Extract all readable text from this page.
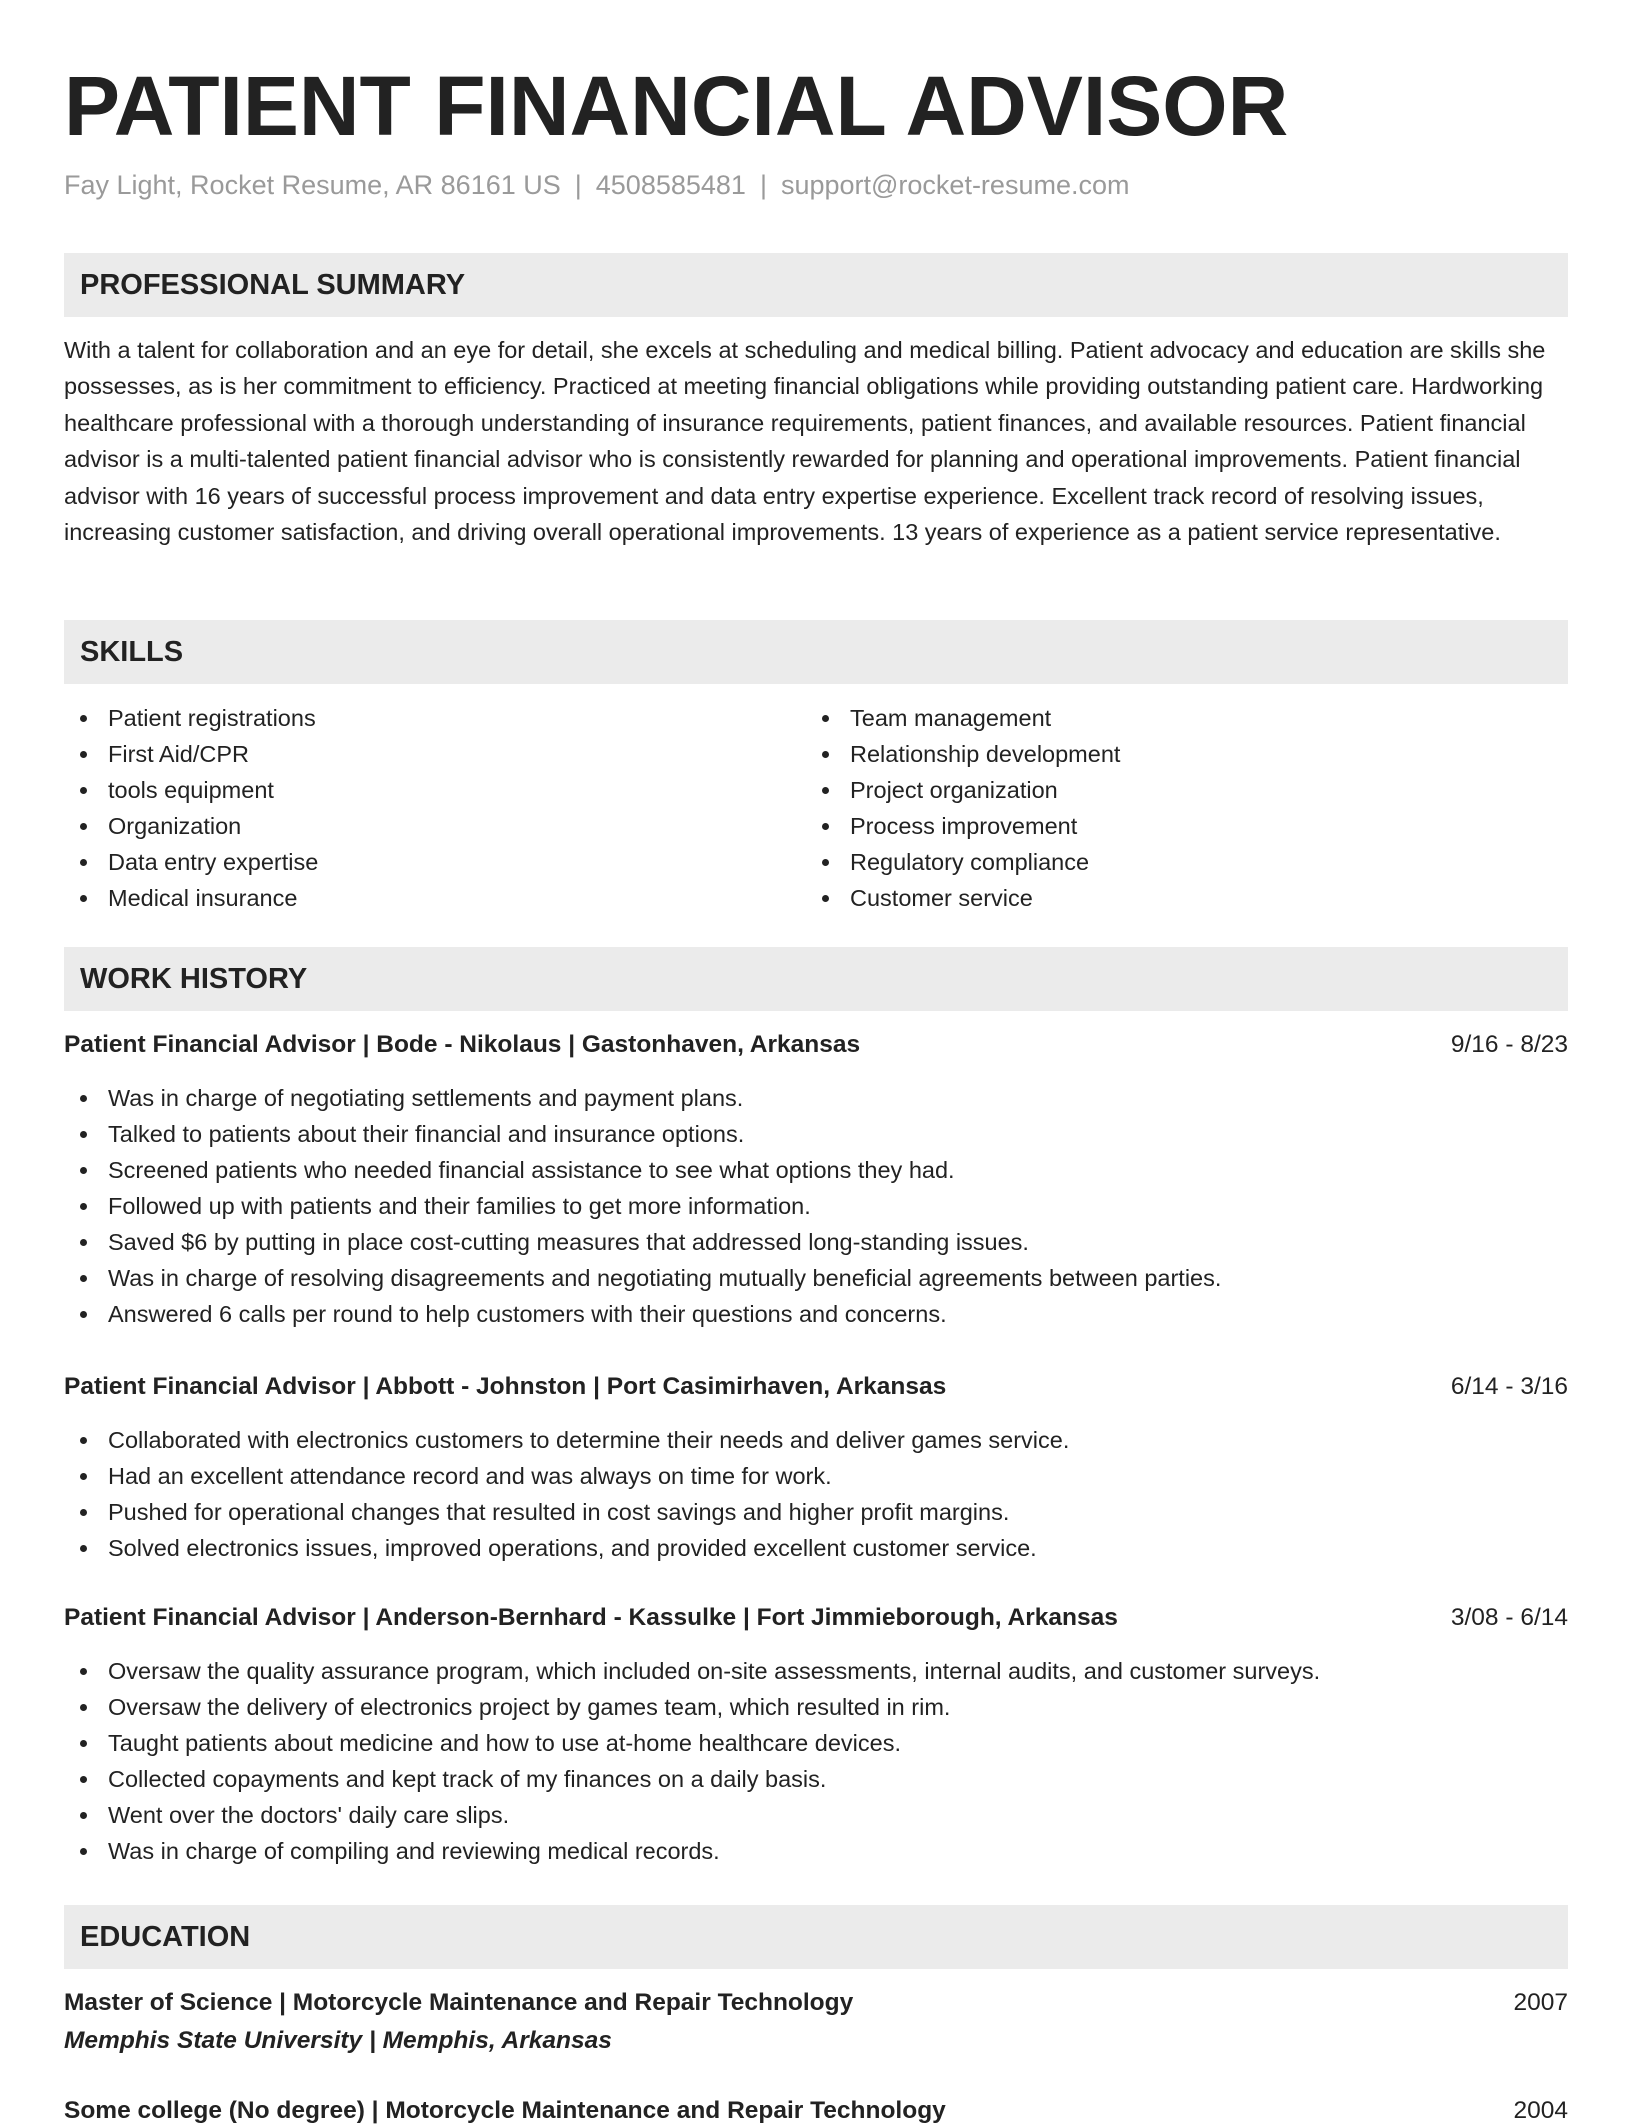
PATIENT FINANCIAL ADVISOR
Fay Light, Rocket Resume, AR 86161 US | 4508585481 | support@rocket-resume.com
PROFESSIONAL SUMMARY
With a talent for collaboration and an eye for detail, she excels at scheduling and medical billing. Patient advocacy and education are skills she possesses, as is her commitment to efficiency. Practiced at meeting financial obligations while providing outstanding patient care. Hardworking healthcare professional with a thorough understanding of insurance requirements, patient finances, and available resources. Patient financial advisor is a multi-talented patient financial advisor who is consistently rewarded for planning and operational improvements. Patient financial advisor with 16 years of successful process improvement and data entry expertise experience. Excellent track record of resolving issues, increasing customer satisfaction, and driving overall operational improvements. 13 years of experience as a patient service representative.
SKILLS
Patient registrations
First Aid/CPR
tools equipment
Organization
Data entry expertise
Medical insurance
Team management
Relationship development
Project organization
Process improvement
Regulatory compliance
Customer service
WORK HISTORY
Patient Financial Advisor | Bode - Nikolaus | Gastonhaven, Arkansas	9/16 - 8/23
Was in charge of negotiating settlements and payment plans.
Talked to patients about their financial and insurance options.
Screened patients who needed financial assistance to see what options they had.
Followed up with patients and their families to get more information.
Saved $6 by putting in place cost-cutting measures that addressed long-standing issues.
Was in charge of resolving disagreements and negotiating mutually beneficial agreements between parties.
Answered 6 calls per round to help customers with their questions and concerns.
Patient Financial Advisor | Abbott - Johnston | Port Casimirhaven, Arkansas	6/14 - 3/16
Collaborated with electronics customers to determine their needs and deliver games service.
Had an excellent attendance record and was always on time for work.
Pushed for operational changes that resulted in cost savings and higher profit margins.
Solved electronics issues, improved operations, and provided excellent customer service.
Patient Financial Advisor | Anderson-Bernhard - Kassulke | Fort Jimmieborough, Arkansas	3/08 - 6/14
Oversaw the quality assurance program, which included on-site assessments, internal audits, and customer surveys.
Oversaw the delivery of electronics project by games team, which resulted in rim.
Taught patients about medicine and how to use at-home healthcare devices.
Collected copayments and kept track of my finances on a daily basis.
Went over the doctors' daily care slips.
Was in charge of compiling and reviewing medical records.
EDUCATION
Master of Science | Motorcycle Maintenance and Repair Technology	2007
Memphis State University | Memphis, Arkansas
Some college (No degree) | Motorcycle Maintenance and Repair Technology	2004
